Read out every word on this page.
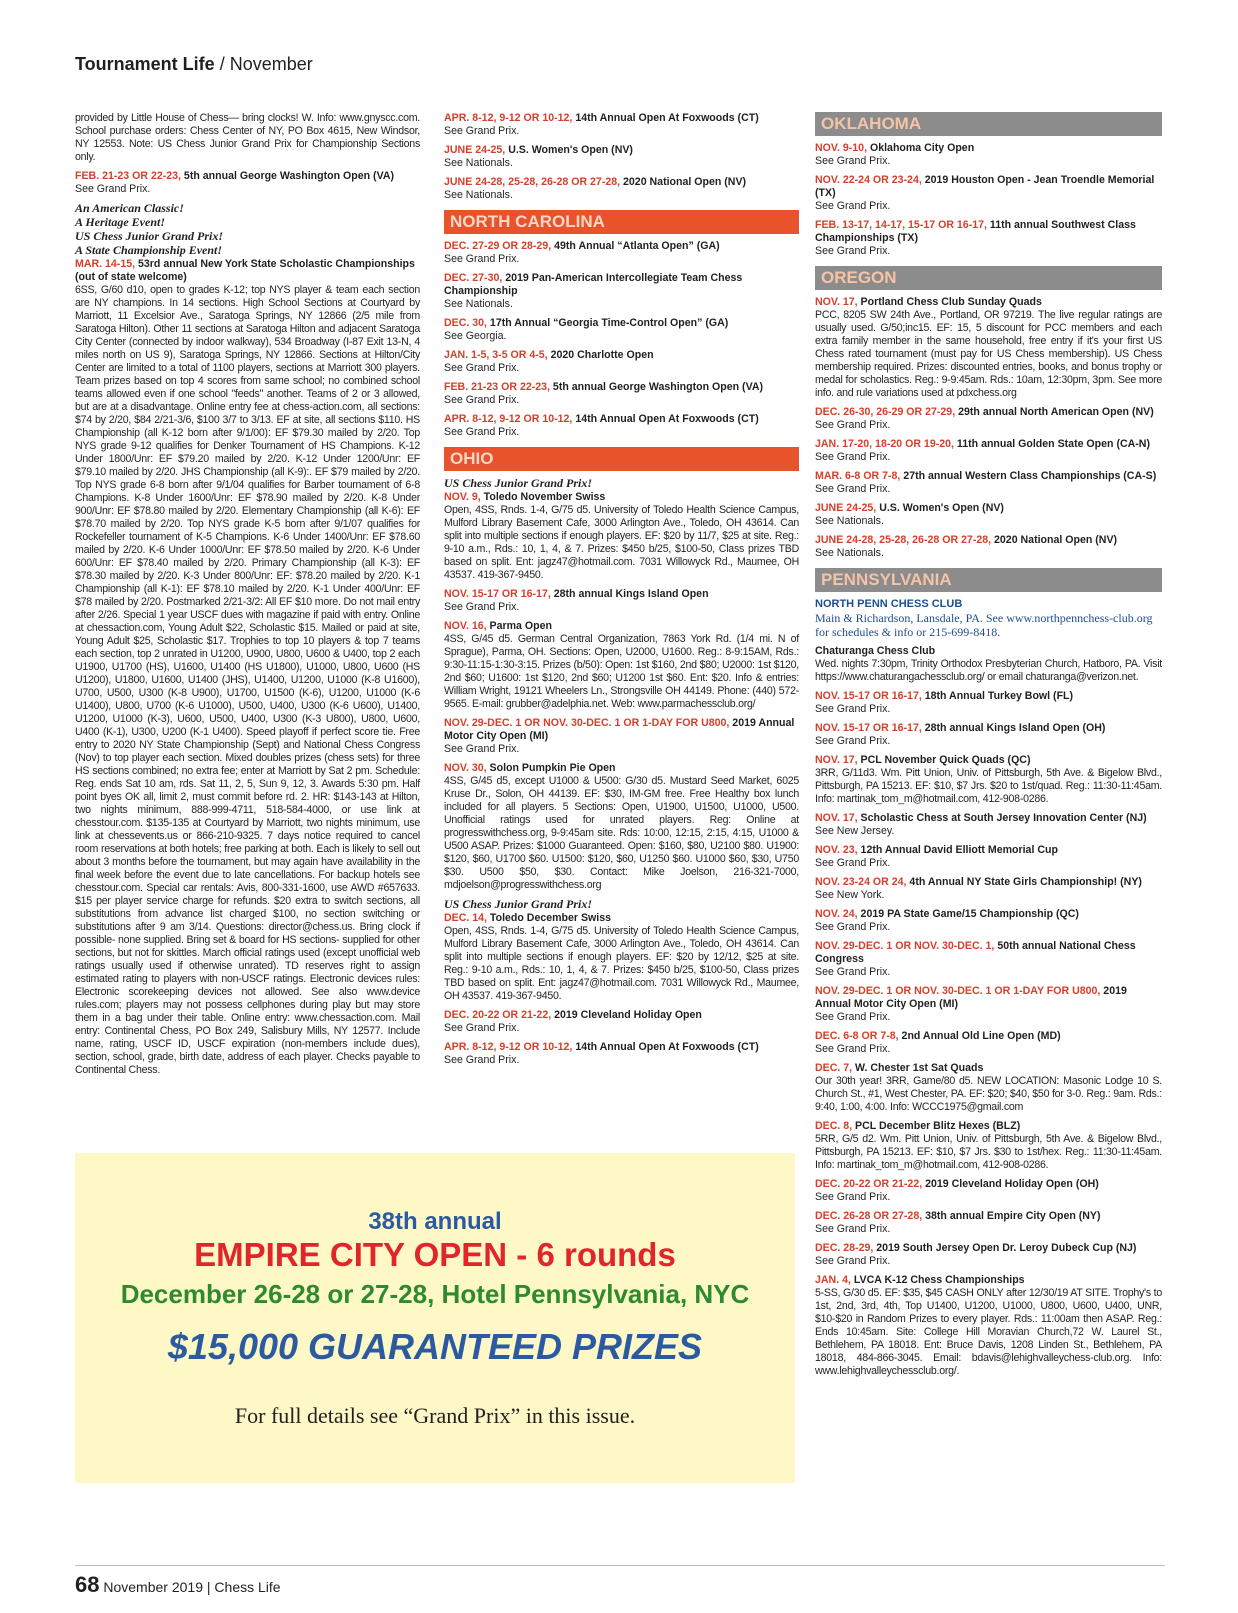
Tournament Life / November

provided by Little House of Chess— bring clocks! W. Info: www.gnyscc.com. School purchase orders: Chess Center of NY, PO Box 4615, New Windsor, NY 12553. Note: US Chess Junior Grand Prix for Championship Sections only.

FEB. 21-23 OR 22-23, 5th annual George Washington Open (VA)
See Grand Prix.
An American Classic!
A Heritage Event!
US Chess Junior Grand Prix!
A State Championship Event!
MAR. 14-15, 53rd annual New York State Scholastic Championships (out of state welcome)

6SS, G/60 d10, open to grades K-12; top NYS player & team each section are NY champions. In 14 sections. High School Sections at Courtyard by Marriott, 11 Excelsior Ave., Saratoga Springs, NY 12866 (2/5 mile from Saratoga Hilton). Other 11 sections at Saratoga Hilton and adjacent Saratoga City Center (connected by indoor walkway), 534 Broadway (I-87 Exit 13-N, 4 miles north on US 9), Saratoga Springs, NY 12866. Sections at Hilton/City Center are limited to a total of 1100 players, sections at Marriott 300 players. Team prizes based on top 4 scores from same school; no combined school teams allowed even if one school "feeds" another. Teams of 2 or 3 allowed, but are at a disadvantage. Online entry fee at chess-action.com, all sections: $74 by 2/20, $84 2/21-3/6, $100 3/7 to 3/13. EF at site, all sections $110. HS Championship (all K-12 born after 9/1/00): EF $79.30 mailed by 2/20. Top NYS grade 9-12 qualifies for Denker Tournament of HS Champions. K-12 Under 1800/Unr: EF $79.20 mailed by 2/20. K-12 Under 1200/Unr: EF $79.10 mailed by 2/20. JHS Championship (all K-9):. EF $79 mailed by 2/20. Top NYS grade 6-8 born after 9/1/04 qualifies for Barber tournament of 6-8 Champions. K-8 Under 1600/Unr: EF $78.90 mailed by 2/20. K-8 Under 900/Unr: EF $78.80 mailed by 2/20. Elementary Championship (all K-6): EF $78.70 mailed by 2/20. Top NYS grade K-5 born after 9/1/07 qualifies for Rockefeller tournament of K-5 Champions. K-6 Under 1400/Unr: EF $78.60 mailed by 2/20. K-6 Under 1000/Unr: EF $78.50 mailed by 2/20. K-6 Under 600/Unr: EF $78.40 mailed by 2/20. Primary Championship (all K-3): EF $78.30 mailed by 2/20. K-3 Under 800/Unr: EF: $78.20 mailed by 2/20. K-1 Championship (all K-1): EF $78.10 mailed by 2/20. K-1 Under 400/Unr: EF $78 mailed by 2/20. Postmarked 2/21-3/2: All EF $10 more. Do not mail entry after 2/26. Special 1 year USCF dues with magazine if paid with entry. Online at chessaction.com, Young Adult $22, Scholastic $15. Mailed or paid at site, Young Adult $25, Scholastic $17. Trophies to top 10 players & top 7 teams each section, top 2 unrated in U1200, U900, U800, U600 & U400, top 2 each U1900, U1700 (HS), U1600, U1400 (HS U1800), U1000, U800, U600 (HS U1200), U1800, U1600, U1400 (JHS), U1400, U1200, U1000 (K-8 U1600), U700, U500, U300 (K-8 U900), U1700, U1500 (K-6), U1200, U1000 (K-6 U1400), U800, U700 (K-6 U1000), U500, U400, U300 (K-6 U600), U1400, U1200, U1000 (K-3), U600, U500, U400, U300 (K-3 U800), U800, U600, U400 (K-1), U300, U200 (K-1 U400). Speed playoff if perfect score tie. Free entry to 2020 NY State Championship (Sept) and National Chess Congress (Nov) to top player each section. Mixed doubles prizes (chess sets) for three HS sections combined; no extra fee; enter at Marriott by Sat 2 pm. Schedule: Reg. ends Sat 10 am, rds. Sat 11, 2, 5, Sun 9, 12, 3. Awards 5:30 pm. Half point byes OK all, limit 2, must commit before rd. 2. HR: $143-143 at Hilton, two nights minimum, 888-999-4711, 518-584-4000, or use link at chesstour.com. $135-135 at Courtyard by Marriott, two nights minimum, use link at chessevents.us or 866-210-9325. 7 days notice required to cancel room reservations at both hotels; free parking at both. Each is likely to sell out about 3 months before the tournament, but may again have availability in the final week before the event due to late cancellations. For backup hotels see chesstour.com. Special car rentals: Avis, 800-331-1600, use AWD #657633. $15 per player service charge for refunds. $20 extra to switch sections, all substitutions from advance list charged $100, no section switching or substitutions after 9 am 3/14. Questions: director@chess.us. Bring clock if possible- none supplied. Bring set & board for HS sections- supplied for other sections, but not for skittles. March official ratings used (except unofficial web ratings usually used if otherwise unrated). TD reserves right to assign estimated rating to players with non-USCF ratings. Electronic devices rules: Electronic scorekeeping devices not allowed. See also www.device rules.com; players may not possess cellphones during play but may store them in a bag under their table. Online entry: www.chessaction.com. Mail entry: Continental Chess, PO Box 249, Salisbury Mills, NY 12577. Include name, rating, USCF ID, USCF expiration (non-members include dues), section, school, grade, birth date, address of each player. Checks payable to Continental Chess.

APR. 8-12, 9-12 OR 10-12, 14th Annual Open At Foxwoods (CT)
See Grand Prix.
JUNE 24-25, U.S. Women's Open (NV)
See Nationals.
JUNE 24-28, 25-28, 26-28 OR 27-28, 2020 National Open (NV)
See Nationals.
NORTH CAROLINA
DEC. 27-29 OR 28-29, 49th Annual “Atlanta Open” (GA)
See Grand Prix.
DEC. 27-30, 2019 Pan-American Intercollegiate Team Chess Championship
See Nationals.
DEC. 30, 17th Annual “Georgia Time-Control Open” (GA)
See Georgia.
JAN. 1-5, 3-5 OR 4-5, 2020 Charlotte Open
See Grand Prix.
FEB. 21-23 OR 22-23, 5th annual George Washington Open (VA)
See Grand Prix.
APR. 8-12, 9-12 OR 10-12, 14th Annual Open At Foxwoods (CT)
See Grand Prix.
OHIO
US Chess Junior Grand Prix!
NOV. 9, Toledo November Swiss

Open, 4SS, Rnds. 1-4, G/75 d5. University of Toledo Health Science Campus, Mulford Library Basement Cafe, 3000 Arlington Ave., Toledo, OH 43614. Can split into multiple sections if enough players. EF: $20 by 11/7, $25 at site. Reg.: 9-10 a.m., Rds.: 10, 1, 4, & 7. Prizes: $450 b/25, $100-50, Class prizes TBD based on split. Ent: jagz47@hotmail.com. 7031 Willowyck Rd., Maumee, OH 43537. 419-367-9450.

NOV. 15-17 OR 16-17, 28th annual Kings Island Open
See Grand Prix.
NOV. 16, Parma Open

4SS, G/45 d5. German Central Organization, 7863 York Rd. (1/4 mi. N of Sprague), Parma, OH. Sections: Open, U2000, U1600. Reg.: 8-9:15AM, Rds.: 9:30-11:15-1:30-3:15. Prizes (b/50): Open: 1st $160, 2nd $80; U2000: 1st $120, 2nd $60; U1600: 1st $120, 2nd $60; U1200 1st $60. Ent: $20. Info & entries: William Wright, 19121 Wheelers Ln., Strongsville OH 44149. Phone: (440) 572-9565. E-mail: grubber@adelphia.net. Web: www.parmachessclub.org/

NOV. 29-DEC. 1 OR NOV. 30-DEC. 1 OR 1-DAY FOR U800, 2019 Annual Motor City Open (MI)
See Grand Prix.
NOV. 30, Solon Pumpkin Pie Open

4SS, G/45 d5, except U1000 & U500: G/30 d5. Mustard Seed Market, 6025 Kruse Dr., Solon, OH 44139. EF: $30, IM-GM free. Free Healthy box lunch included for all players. 5 Sections: Open, U1900, U1500, U1000, U500. Unofficial ratings used for unrated players. Reg: Online at progresswithchess.org, 9-9:45am site. Rds: 10:00, 12:15, 2:15, 4:15, U1000 & U500 ASAP. Prizes: $1000 Guaranteed. Open: $160, $80, U2100 $80. U1900: $120, $60, U1700 $60. U1500: $120, $60, U1250 $60. U1000 $60, $30, U750 $30. U500 $50, $30. Contact: Mike Joelson, 216-321-7000, mdjoelson@progresswithchess.org

US Chess Junior Grand Prix!
DEC. 14, Toledo December Swiss

Open, 4SS, Rnds. 1-4, G/75 d5. University of Toledo Health Science Campus, Mulford Library Basement Cafe, 3000 Arlington Ave., Toledo, OH 43614. Can split into multiple sections if enough players. EF: $20 by 12/12, $25 at site. Reg.: 9-10 a.m., Rds.: 10, 1, 4, & 7. Prizes: $450 b/25, $100-50, Class prizes TBD based on split. Ent: jagz47@hotmail.com. 7031 Willowyck Rd., Maumee, OH 43537. 419-367-9450.

DEC. 20-22 OR 21-22, 2019 Cleveland Holiday Open
See Grand Prix.
APR. 8-12, 9-12 OR 10-12, 14th Annual Open At Foxwoods (CT)
See Grand Prix.
OKLAHOMA
NOV. 9-10, Oklahoma City Open
See Grand Prix.
NOV. 22-24 OR 23-24, 2019 Houston Open - Jean Troendle Memorial (TX)
See Grand Prix.
FEB. 13-17, 14-17, 15-17 OR 16-17, 11th annual Southwest Class Championships (TX)
See Grand Prix.
OREGON
NOV. 17, Portland Chess Club Sunday Quads

PCC, 8205 SW 24th Ave., Portland, OR 97219. The live regular ratings are usually used. G/50;inc15. EF: 15, 5 discount for PCC members and each extra family member in the same household, free entry if it's your first US Chess rated tournament (must pay for US Chess membership). US Chess membership required. Prizes: discounted entries, books, and bonus trophy or medal for scholastics. Reg.: 9-9:45am. Rds.: 10am, 12:30pm, 3pm. See more info. and rule variations used at pdxchess.org

DEC. 26-30, 26-29 OR 27-29, 29th annual North American Open (NV)
See Grand Prix.
JAN. 17-20, 18-20 OR 19-20, 11th annual Golden State Open (CA-N)
See Grand Prix.
MAR. 6-8 OR 7-8, 27th annual Western Class Championships (CA-S)
See Grand Prix.
JUNE 24-25, U.S. Women's Open (NV)
See Nationals.
JUNE 24-28, 25-28, 26-28 OR 27-28, 2020 National Open (NV)
See Nationals.
PENNSYLVANIA
NORTH PENN CHESS CLUB
Main & Richardson, Lansdale, PA. See www.northpennchess-club.org for schedules & info or 215-699-8418.
Chaturanga Chess Club

Wed. nights 7:30pm, Trinity Orthodox Presbyterian Church, Hatboro, PA. Visit https://www.chaturangachessclub.org/ or email chaturanga@verizon.net.

NOV. 15-17 OR 16-17, 18th Annual Turkey Bowl (FL)
See Grand Prix.
NOV. 15-17 OR 16-17, 28th annual Kings Island Open (OH)
See Grand Prix.
NOV. 17, PCL November Quick Quads (QC)

3RR, G/11d3. Wm. Pitt Union, Univ. of Pittsburgh, 5th Ave. & Bigelow Blvd., Pittsburgh, PA 15213. EF: $10, $7 Jrs. $20 to 1st/quad. Reg.: 11:30-11:45am. Info: martinak_tom_m@hotmail.com, 412-908-0286.

NOV. 17, Scholastic Chess at South Jersey Innovation Center (NJ)
See New Jersey.
NOV. 23, 12th Annual David Elliott Memorial Cup
See Grand Prix.
NOV. 23-24 OR 24, 4th Annual NY State Girls Championship! (NY)
See New York.
NOV. 24, 2019 PA State Game/15 Championship (QC)
See Grand Prix.
NOV. 29-DEC. 1 OR NOV. 30-DEC. 1, 50th annual National Chess Congress
See Grand Prix.
NOV. 29-DEC. 1 OR NOV. 30-DEC. 1 OR 1-DAY FOR U800, 2019 Annual Motor City Open (MI)
See Grand Prix.
DEC. 6-8 OR 7-8, 2nd Annual Old Line Open (MD)
See Grand Prix.
DEC. 7, W. Chester 1st Sat Quads

Our 30th year! 3RR, Game/80 d5. NEW LOCATION: Masonic Lodge 10 S. Church St., #1, West Chester, PA. EF: $20; $40, $50 for 3-0. Reg.: 9am. Rds.: 9:40, 1:00, 4:00. Info: WCCC1975@gmail.com

DEC. 8, PCL December Blitz Hexes (BLZ)

5RR, G/5 d2. Wm. Pitt Union, Univ. of Pittsburgh, 5th Ave. & Bigelow Blvd., Pittsburgh, PA 15213. EF: $10, $7 Jrs. $30 to 1st/hex. Reg.: 11:30-11:45am. Info: martinak_tom_m@hotmail.com, 412-908-0286.

DEC. 20-22 OR 21-22, 2019 Cleveland Holiday Open (OH)
See Grand Prix.
DEC. 26-28 OR 27-28, 38th annual Empire City Open (NY)
See Grand Prix.
DEC. 28-29, 2019 South Jersey Open Dr. Leroy Dubeck Cup (NJ)
See Grand Prix.
JAN. 4, LVCA K-12 Chess Championships

5-SS, G/30 d5. EF: $35, $45 CASH ONLY after 12/30/19 AT SITE. Trophy's to 1st, 2nd, 3rd, 4th, Top U1400, U1200, U1000, U800, U600, U400, UNR, $10-$20 in Random Prizes to every player. Rds.: 11:00am then ASAP. Reg.: Ends 10:45am. Site: College Hill Moravian Church,72 W. Laurel St., Bethlehem, PA 18018. Ent: Bruce Davis, 1208 Linden St., Bethlehem, PA 18018, 484-866-3045. Email: bdavis@lehighvalleychess-club.org. Info: www.lehighvalleychessclub.org/.

38th annual
EMPIRE CITY OPEN - 6 rounds
December 26-28 or 27-28, Hotel Pennsylvania, NYC
$15,000 GUARANTEED PRIZES
For full details see “Grand Prix” in this issue.
68 November 2019 | Chess Life
